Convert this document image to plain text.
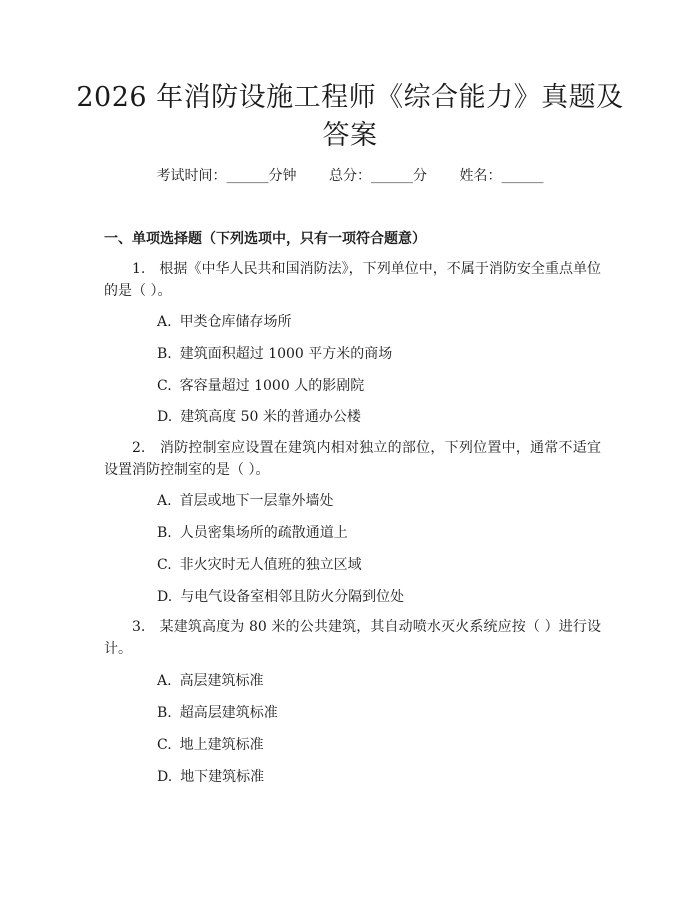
2026 年消防设施工程师《综合能力》真题及答案
考试时间：______分钟 总分：______分 姓名：______
一、单项选择题（下列选项中，只有一项符合题意）
1.　根据《中华人民共和国消防法》，下列单位中，不属于消防安全重点单位的是（ ）。
A. 甲类仓库储存场所
B. 建筑面积超过 1000 平方米的商场
C. 客容量超过 1000 人的影剧院
D. 建筑高度 50 米的普通办公楼
2.　消防控制室应设置在建筑内相对独立的部位，下列位置中，通常不适宜设置消防控制室的是（ ）。
A. 首层或地下一层靠外墙处
B. 人员密集场所的疏散通道上
C. 非火灾时无人值班的独立区域
D. 与电气设备室相邻且防火分隔到位处
3.　某建筑高度为 80 米的公共建筑，其自动喷水灭火系统应按（ ）进行设计。
A. 高层建筑标准
B. 超高层建筑标准
C. 地上建筑标准
D. 地下建筑标准
